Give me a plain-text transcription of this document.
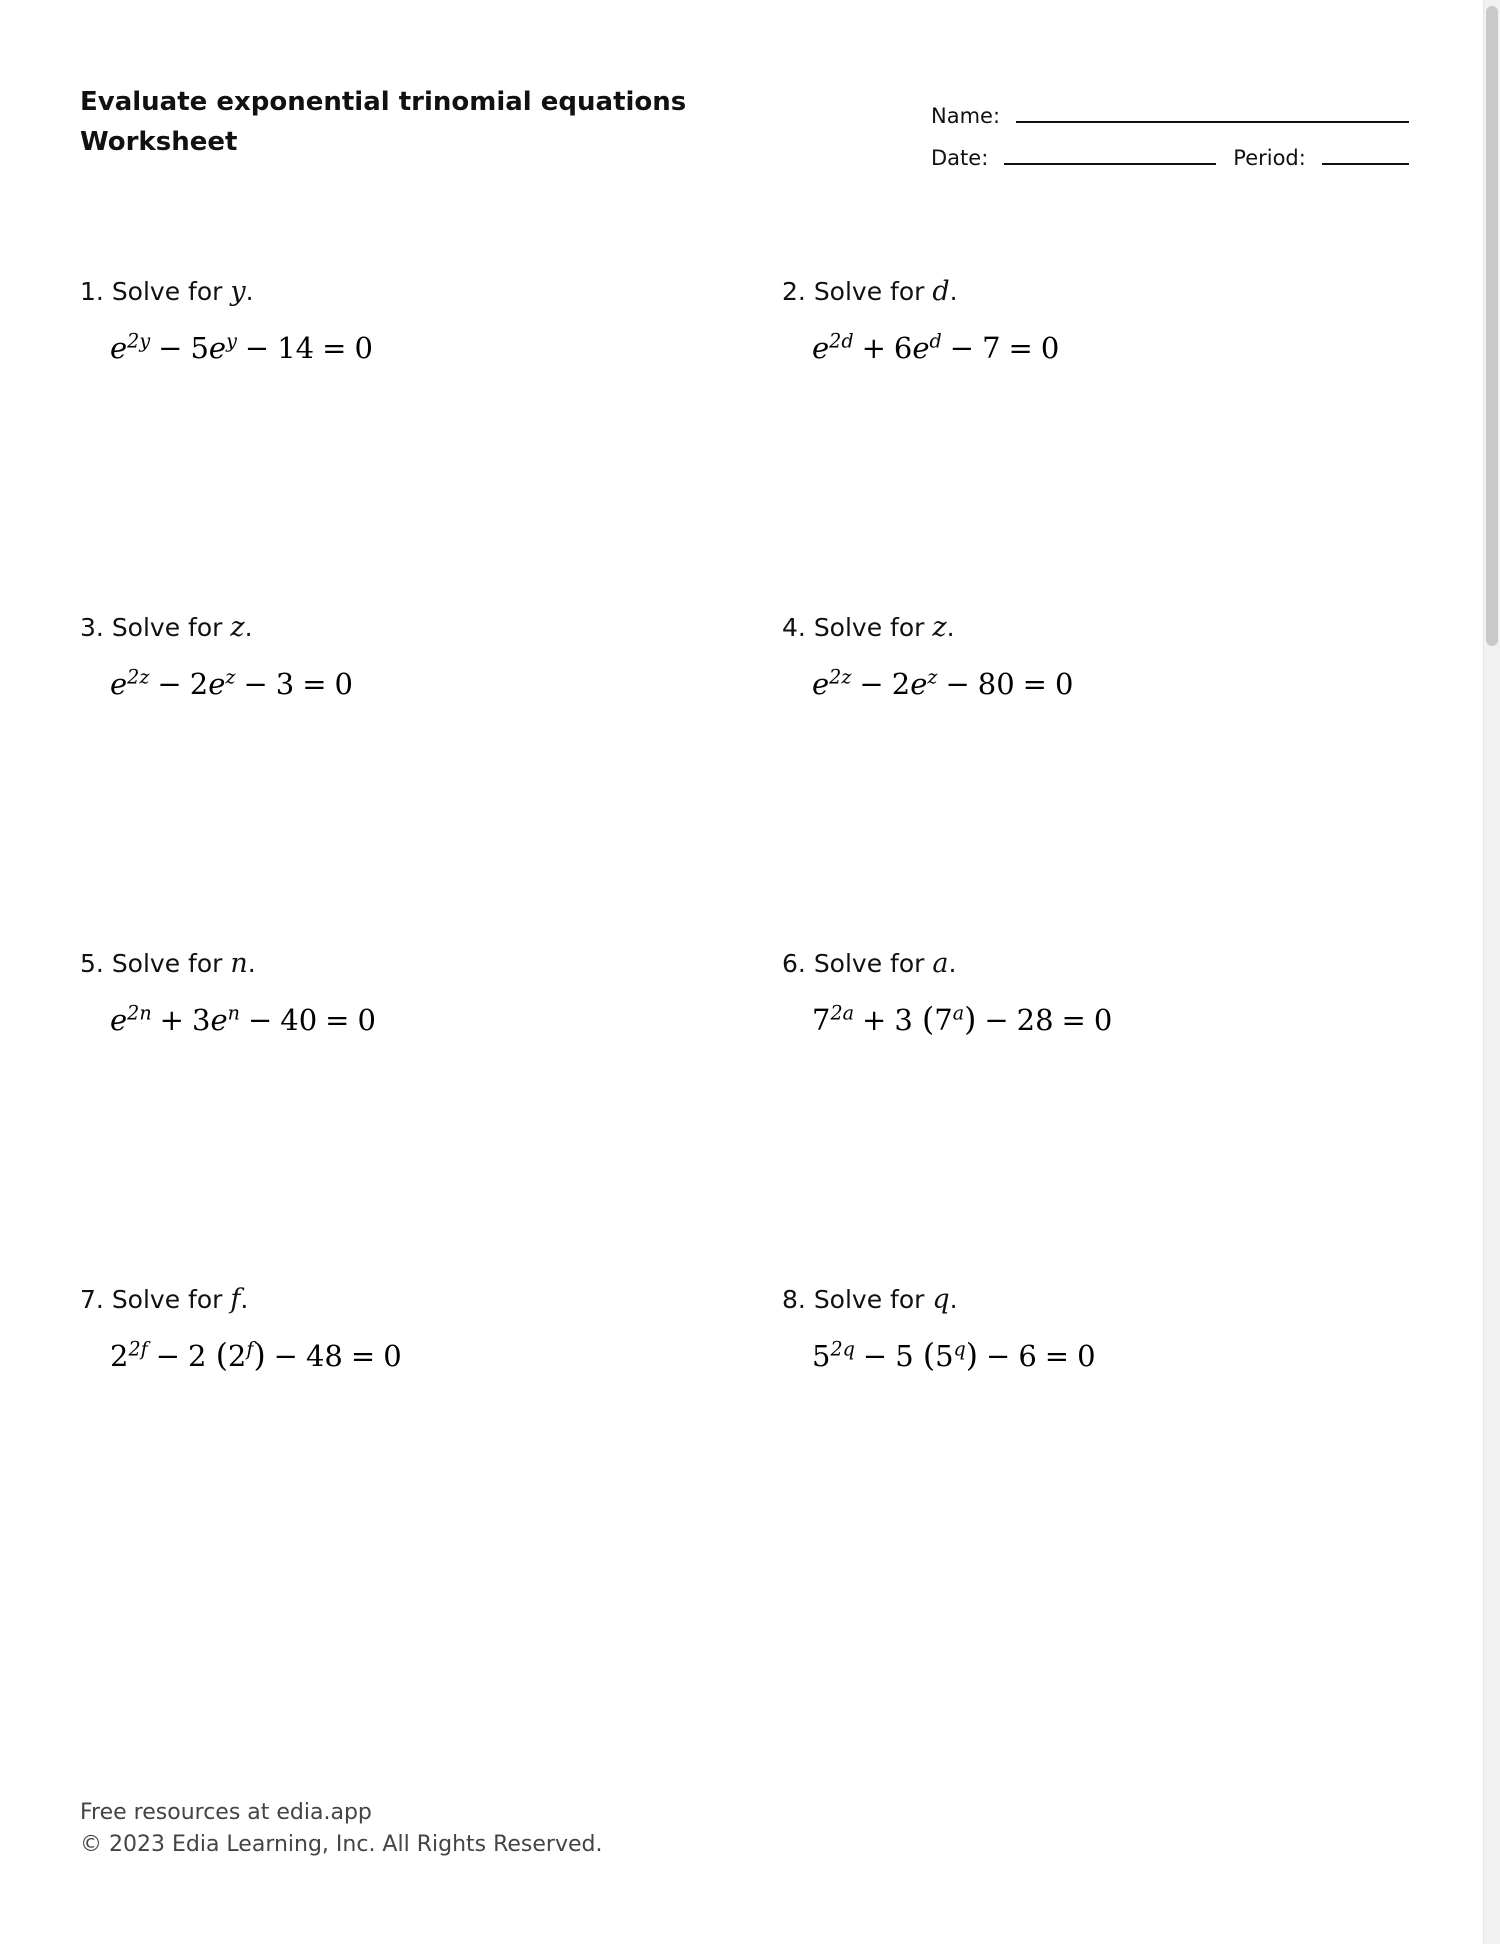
Evaluate exponential trinomial equations
Worksheet
Name:
Date:	Period:
1. Solve for y.
$e^{2y} - 5e^y - 14 = 0$
2. Solve for d.
$e^{2d} + 6e^d - 7 = 0$
3. Solve for z.
$e^{2z} - 2e^z - 3 = 0$
4. Solve for z.
$e^{2z} - 2e^z - 80 = 0$
5. Solve for n.
$e^{2n} + 3e^n - 40 = 0$
6. Solve for a.
$7^{2a} + 3$ $(7^a) - 28 = 0$
7. Solve for f.
$2^{2f} - 2$ $(2^f) - 48 = 0$
8. Solve for q.
$5^{2q} - 5$ $(5^q) - 6 = 0$
Free resources at edia.app
© 2023 Edia Learning, Inc. All Rights Reserved.
